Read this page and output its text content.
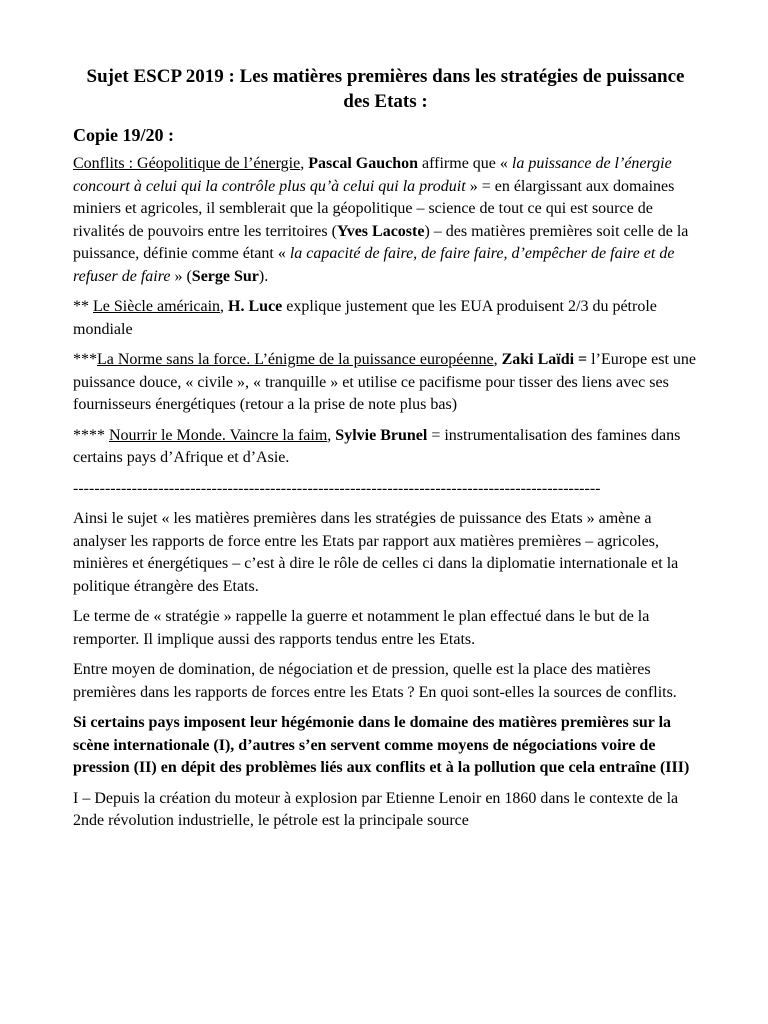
Sujet ESCP 2019 : Les matières premières dans les stratégies de puissance des Etats :
Copie 19/20 :

Conflits : Géopolitique de l’énergie, Pascal Gauchon affirme que « la puissance de l’énergie concourt à celui qui la contrôle plus qu’à celui qui la produit » = en élargissant aux domaines miniers et agricoles, il semblerait que la géopolitique – science de tout ce qui est source de rivalités de pouvoirs entre les territoires (Yves Lacoste) – des matières premières soit celle de la puissance, définie comme étant « la capacité de faire, de faire faire, d’empêcher de faire et de refuser de faire » (Serge Sur).

** Le Siècle américain, H. Luce explique justement que les EUA produisent 2/3 du pétrole mondiale

***La Norme sans la force. L’énigme de la puissance européenne, Zaki Laïdi = l’Europe est une puissance douce, « civile », « tranquille » et utilise ce pacifisme pour tisser des liens avec ses fournisseurs énergétiques (retour a la prise de note plus bas)

**** Nourrir le Monde. Vaincre la faim, Sylvie Brunel = instrumentalisation des famines dans certains pays d’Afrique et d’Asie.

---------------------------------------------------------------------------------------------------

Ainsi le sujet « les matières premières dans les stratégies de puissance des Etats » amène a analyser les rapports de force entre les Etats par rapport aux matières premières – agricoles, minières et énergétiques – c’est à dire le rôle de celles ci dans la diplomatie internationale et la politique étrangère des Etats.

Le terme de « stratégie » rappelle la guerre et notamment le plan effectué dans le but de la remporter. Il implique aussi des rapports tendus entre les Etats.

Entre moyen de domination, de négociation et de pression, quelle est la place des matières premières dans les rapports de forces entre les Etats ? En quoi sont-elles la sources de conflits.

Si certains pays imposent leur hégémonie dans le domaine des matières premières sur la scène internationale (I), d’autres s’en servent comme moyens de négociations voire de pression (II) en dépit des problèmes liés aux conflits et à la pollution que cela entraîne (III)

I – Depuis la création du moteur à explosion par Etienne Lenoir en 1860 dans le contexte de la 2nde révolution industrielle, le pétrole est la principale source
